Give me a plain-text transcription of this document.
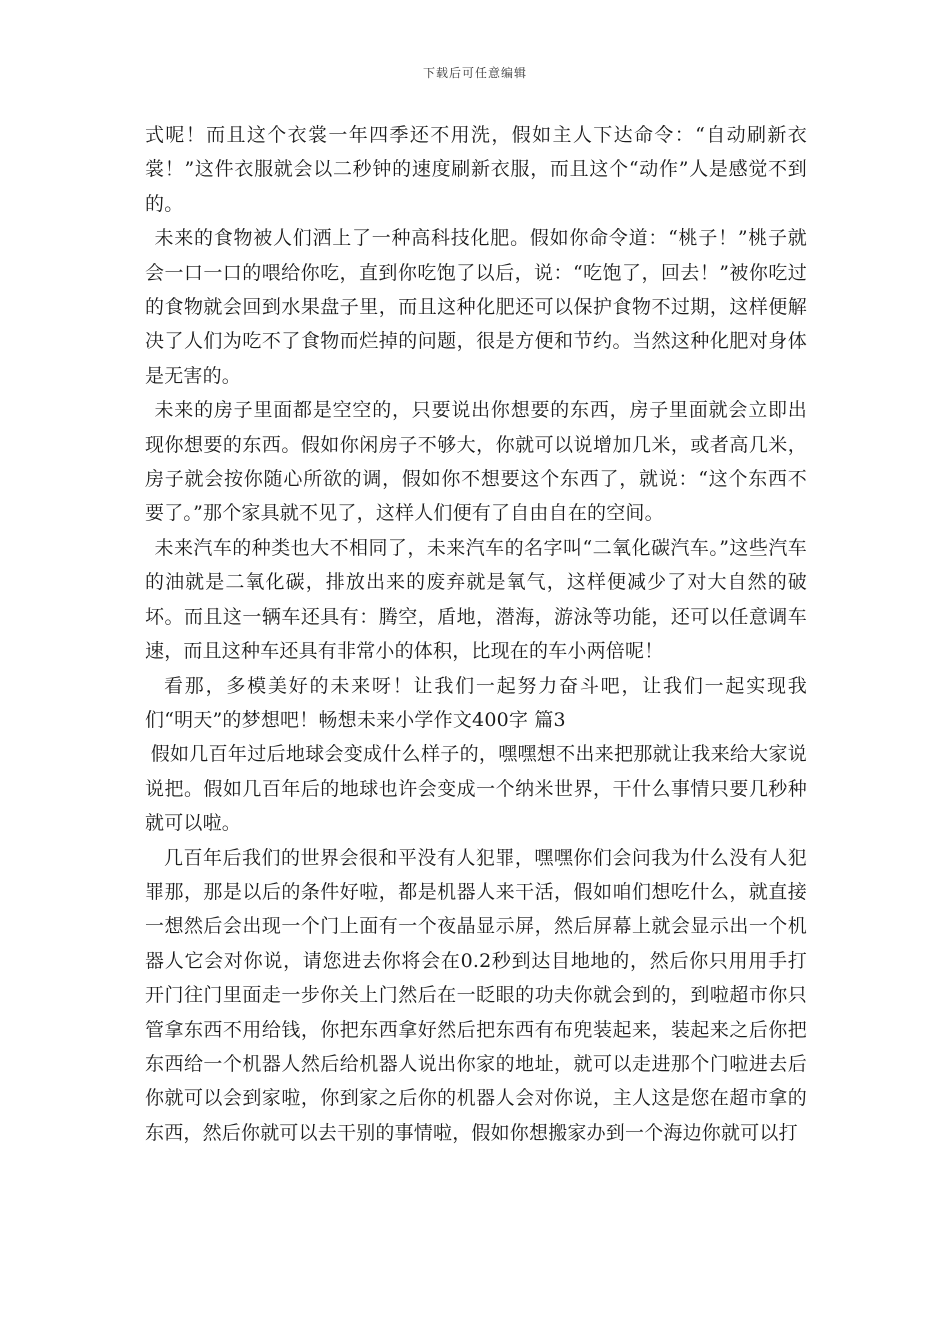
下载后可任意编辑

式呢！而且这个衣裳一年四季还不用洗，假如主人下达命令：“自动刷新衣裳！”这件衣服就会以二秒钟的速度刷新衣服，而且这个“动作”人是感觉不到的。

未来的食物被人们洒上了一种高科技化肥。假如你命令道：“桃子！”桃子就会一口一口的喂给你吃，直到你吃饱了以后，说：“吃饱了，回去！”被你吃过的食物就会回到水果盘子里，而且这种化肥还可以保护食物不过期，这样便解决了人们为吃不了食物而烂掉的问题，很是方便和节约。当然这种化肥对身体是无害的。

未来的房子里面都是空空的，只要说出你想要的东西，房子里面就会立即出现你想要的东西。假如你闲房子不够大，你就可以说增加几米，或者高几米，房子就会按你随心所欲的调，假如你不想要这个东西了，就说：“这个东西不要了。”那个家具就不见了，这样人们便有了自由自在的空间。

未来汽车的种类也大不相同了，未来汽车的名字叫“二氧化碳汽车。”这些汽车的油就是二氧化碳，排放出来的废弃就是氧气，这样便减少了对大自然的破坏。而且这一辆车还具有：腾空，盾地，潜海，游泳等功能，还可以任意调车速，而且这种车还具有非常小的体积，比现在的车小两倍呢！

看那，多模美好的未来呀！让我们一起努力奋斗吧，让我们一起实现我们“明天”的梦想吧！畅想未来小学作文400字 篇3

假如几百年过后地球会变成什么样子的，嘿嘿想不出来把那就让我来给大家说说把。假如几百年后的地球也许会变成一个纳米世界，干什么事情只要几秒种就可以啦。

几百年后我们的世界会很和平没有人犯罪，嘿嘿你们会问我为什么没有人犯罪那，那是以后的条件好啦，都是机器人来干活，假如咱们想吃什么，就直接一想然后会出现一个门上面有一个夜晶显示屏，然后屏幕上就会显示出一个机器人它会对你说，请您进去你将会在0.2秒到达目地地的，然后你只用用手打开门往门里面走一步你关上门然后在一眨眼的功夫你就会到的，到啦超市你只管拿东西不用给钱，你把东西拿好然后把东西有布兜装起来，装起来之后你把东西给一个机器人然后给机器人说出你家的地址，就可以走进那个门啦进去后你就可以会到家啦，你到家之后你的机器人会对你说，主人这是您在超市拿的东西，然后你就可以去干别的事情啦，假如你想搬家办到一个海边你就可以打
